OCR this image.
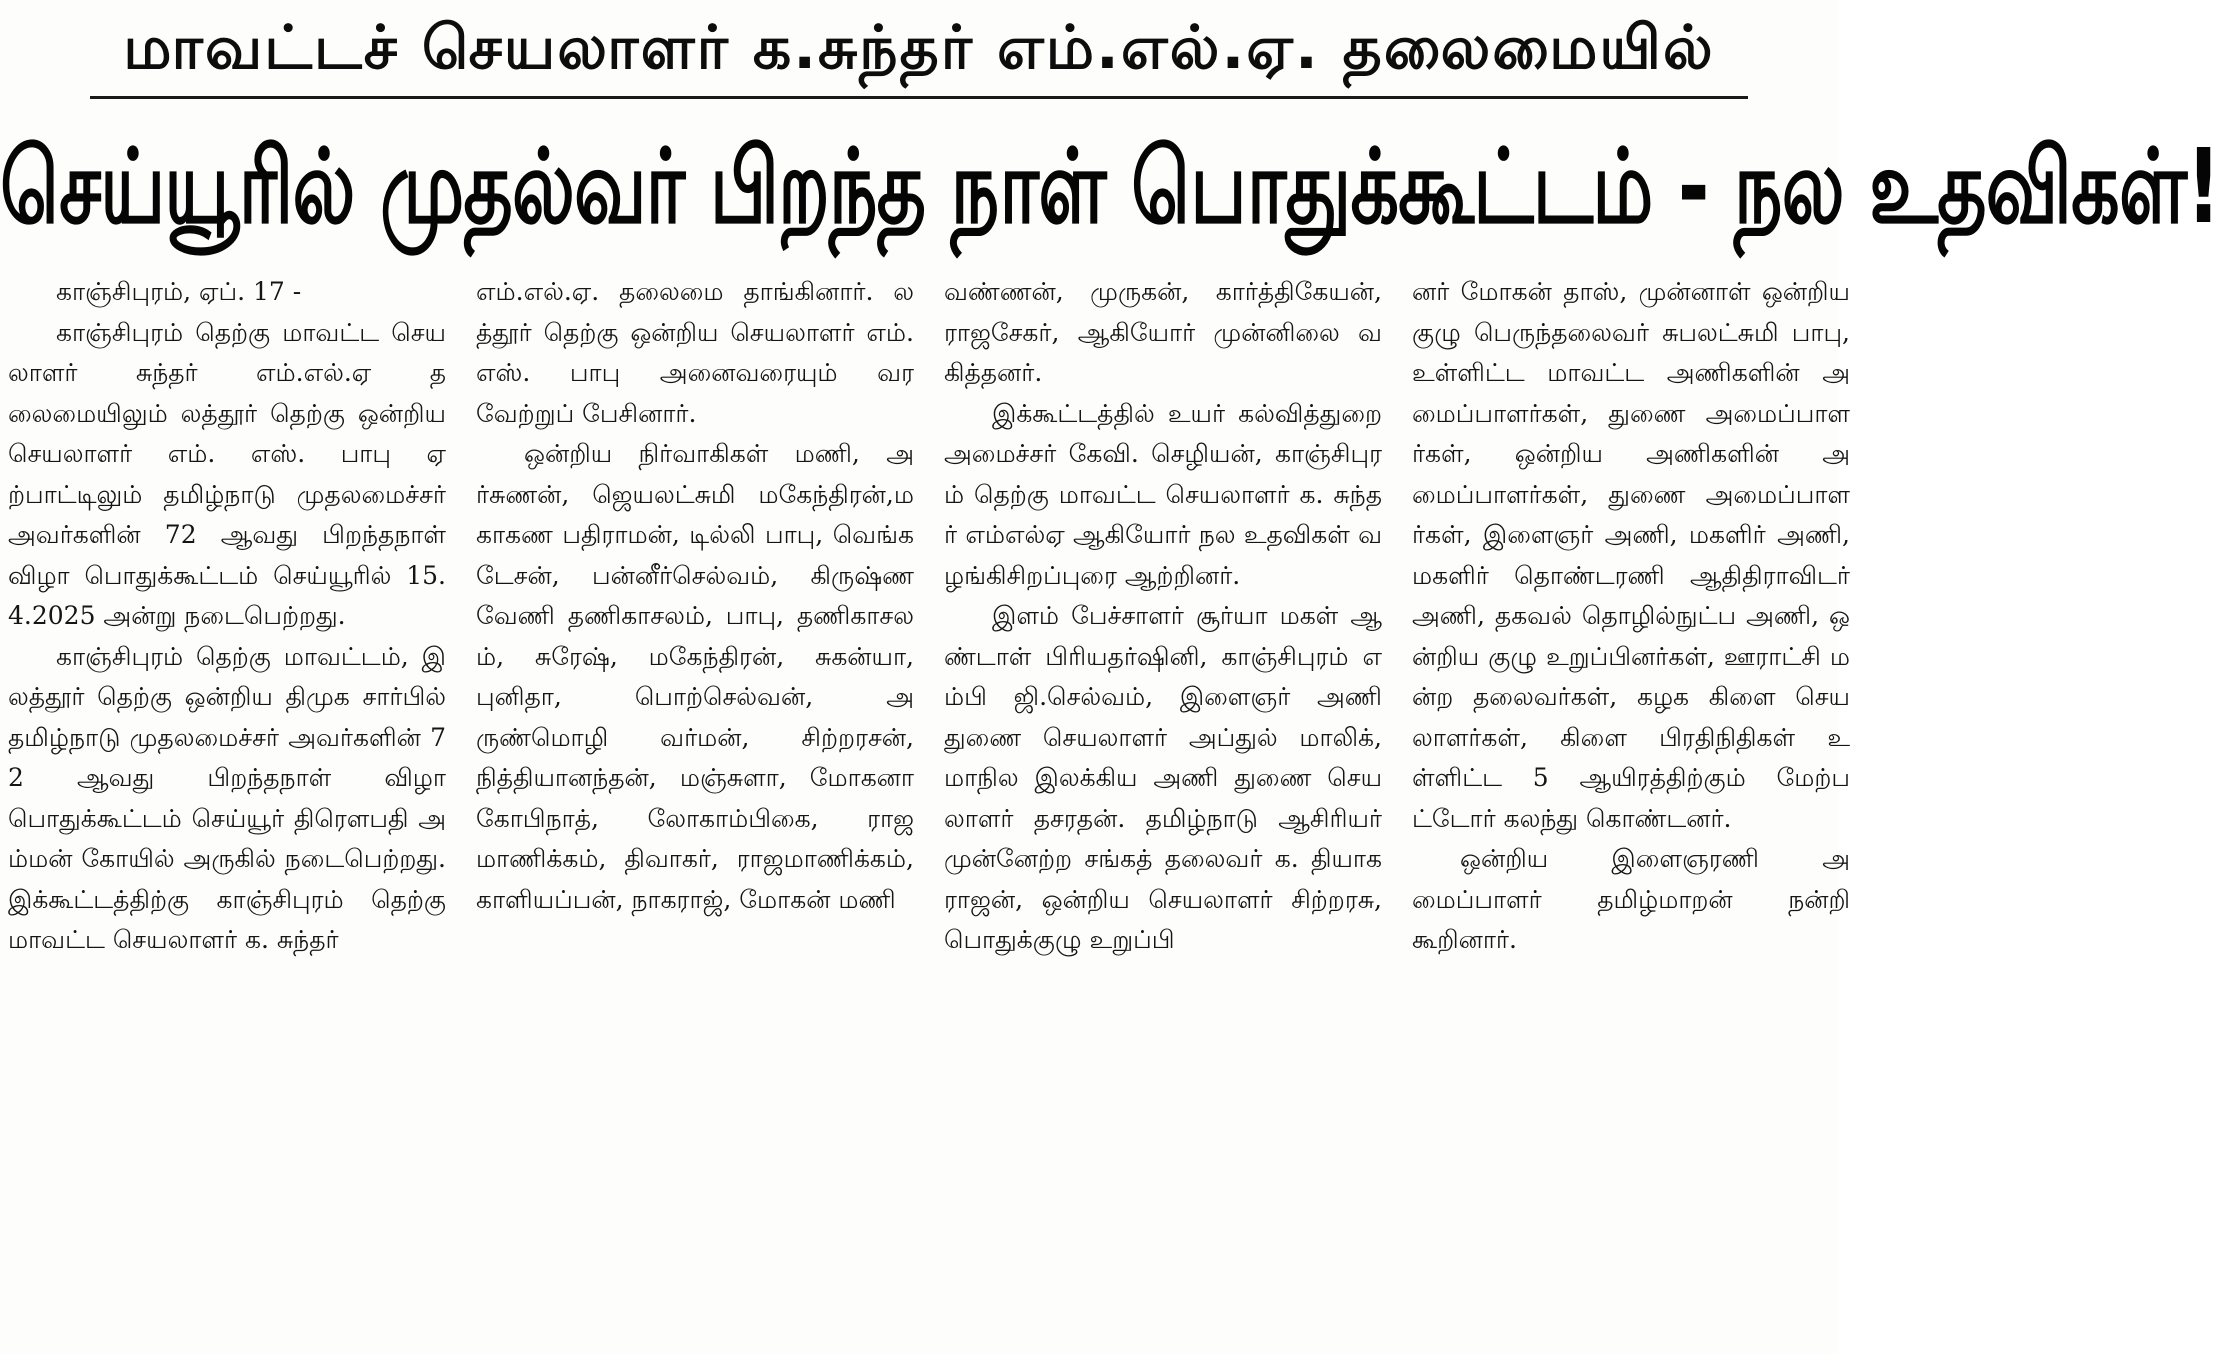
மாவட்டச் செயலாளர் க.சுந்தர் எம்.எல்.ஏ. தலைமையில்
செய்யூரில் முதல்வர் பிறந்த நாள் பொதுக்கூட்டம் - நல உதவிகள்!

காஞ்சிபுரம், ஏப். 17 -

காஞ்சிபுரம் தெற்கு மாவட்ட செயலாளர் சுந்தர் எம்.எல்.ஏ தலைமையிலும் லத்தூர் தெற்கு ஒன்றிய செயலாளர் எம். எஸ். பாபு ஏற்பாட்டிலும் தமிழ்நாடு முதலமைச்சர் அவர்களின் 72 ஆவது பிறந்தநாள் விழா பொதுக்கூட்டம் செய்யூரில் 15.4.2025 அன்று நடைபெற்றது.

காஞ்சிபுரம் தெற்கு மாவட்டம், இலத்தூர் தெற்கு ஒன்றிய திமுக சார்பில் தமிழ்நாடு முதலமைச்சர் அவர்களின் 72 ஆவது பிறந்தநாள் விழா பொதுக்கூட்டம் செய்யூர் திரௌபதி அம்மன் கோயில் அருகில் நடைபெற்றது. இக்கூட்டத்திற்கு காஞ்சிபுரம் தெற்கு மாவட்ட செயலாளர் க. சுந்தர்

எம்.எல்.ஏ. தலைமை தாங்கினார். லத்தூர் தெற்கு ஒன்றிய செயலாளர் எம். எஸ். பாபு அனைவரையும் வரவேற்றுப் பேசினார்.

ஒன்றிய நிர்வாகிகள் மணி, அர்சுணன், ஜெயலட்சுமி மகேந்திரன்,மகாகண பதிராமன், டில்லி பாபு, வெங்கடேசன், பன்னீர்செல்வம், கிருஷ்ணவேணி தணிகாசலம், பாபு, தணிகாசலம், சுரேஷ், மகேந்திரன், சுகன்யா, புனிதா, பொற்செல்வன், அருண்மொழி வர்மன், சிற்றரசன், நித்தியானந்தன், மஞ்சுளா, மோகனா கோபிநாத், லோகாம்பிகை, ராஜமாணிக்கம், திவாகர், ராஜமாணிக்கம், காளியப்பன், நாகராஜ், மோகன் மணி

வண்ணன், முருகன், கார்த்திகேயன், ராஜசேகர், ஆகியோர் முன்னிலை வகித்தனர்.

இக்கூட்டத்தில் உயர் கல்வித்துறை அமைச்சர் கேவி. செழியன், காஞ்சிபுரம் தெற்கு மாவட்ட செயலாளர் க. சுந்தர் எம்எல்ஏ ஆகியோர் நல உதவிகள் வழங்கிசிறப்புரை ஆற்றினர்.

இளம் பேச்சாளர் சூர்யா மகள் ஆண்டாள் பிரியதர்ஷினி, காஞ்சிபுரம் எம்பி ஜி.செல்வம், இளைஞர் அணி துணை செயலாளர் அப்துல் மாலிக், மாநில இலக்கிய அணி துணை செயலாளர் தசரதன். தமிழ்நாடு ஆசிரியர் முன்னேற்ற சங்கத் தலைவர் க. தியாகராஜன், ஒன்றிய செயலாளர் சிற்றரசு, பொதுக்குழு உறுப்பி

னர் மோகன் தாஸ், முன்னாள் ஒன்றிய குழு பெருந்தலைவர் சுபலட்சுமி பாபு, உள்ளிட்ட மாவட்ட அணிகளின் அமைப்பாளர்கள், துணை அமைப்பாளர்கள், ஒன்றிய அணிகளின் அமைப்பாளர்கள், துணை அமைப்பாளர்கள், இளைஞர் அணி, மகளிர் அணி, மகளிர் தொண்டரணி ஆதிதிராவிடர் அணி, தகவல் தொழில்நுட்ப அணி, ஒன்றிய குழு உறுப்பினர்கள், ஊராட்சி மன்ற தலைவர்கள், கழக கிளை செயலாளர்கள், கிளை பிரதிநிதிகள் உள்ளிட்ட 5 ஆயிரத்திற்கும் மேற்பட்டோர் கலந்து கொண்டனர்.

ஒன்றிய இளைஞரணி அமைப்பாளர் தமிழ்மாறன் நன்றி கூறினார்.
